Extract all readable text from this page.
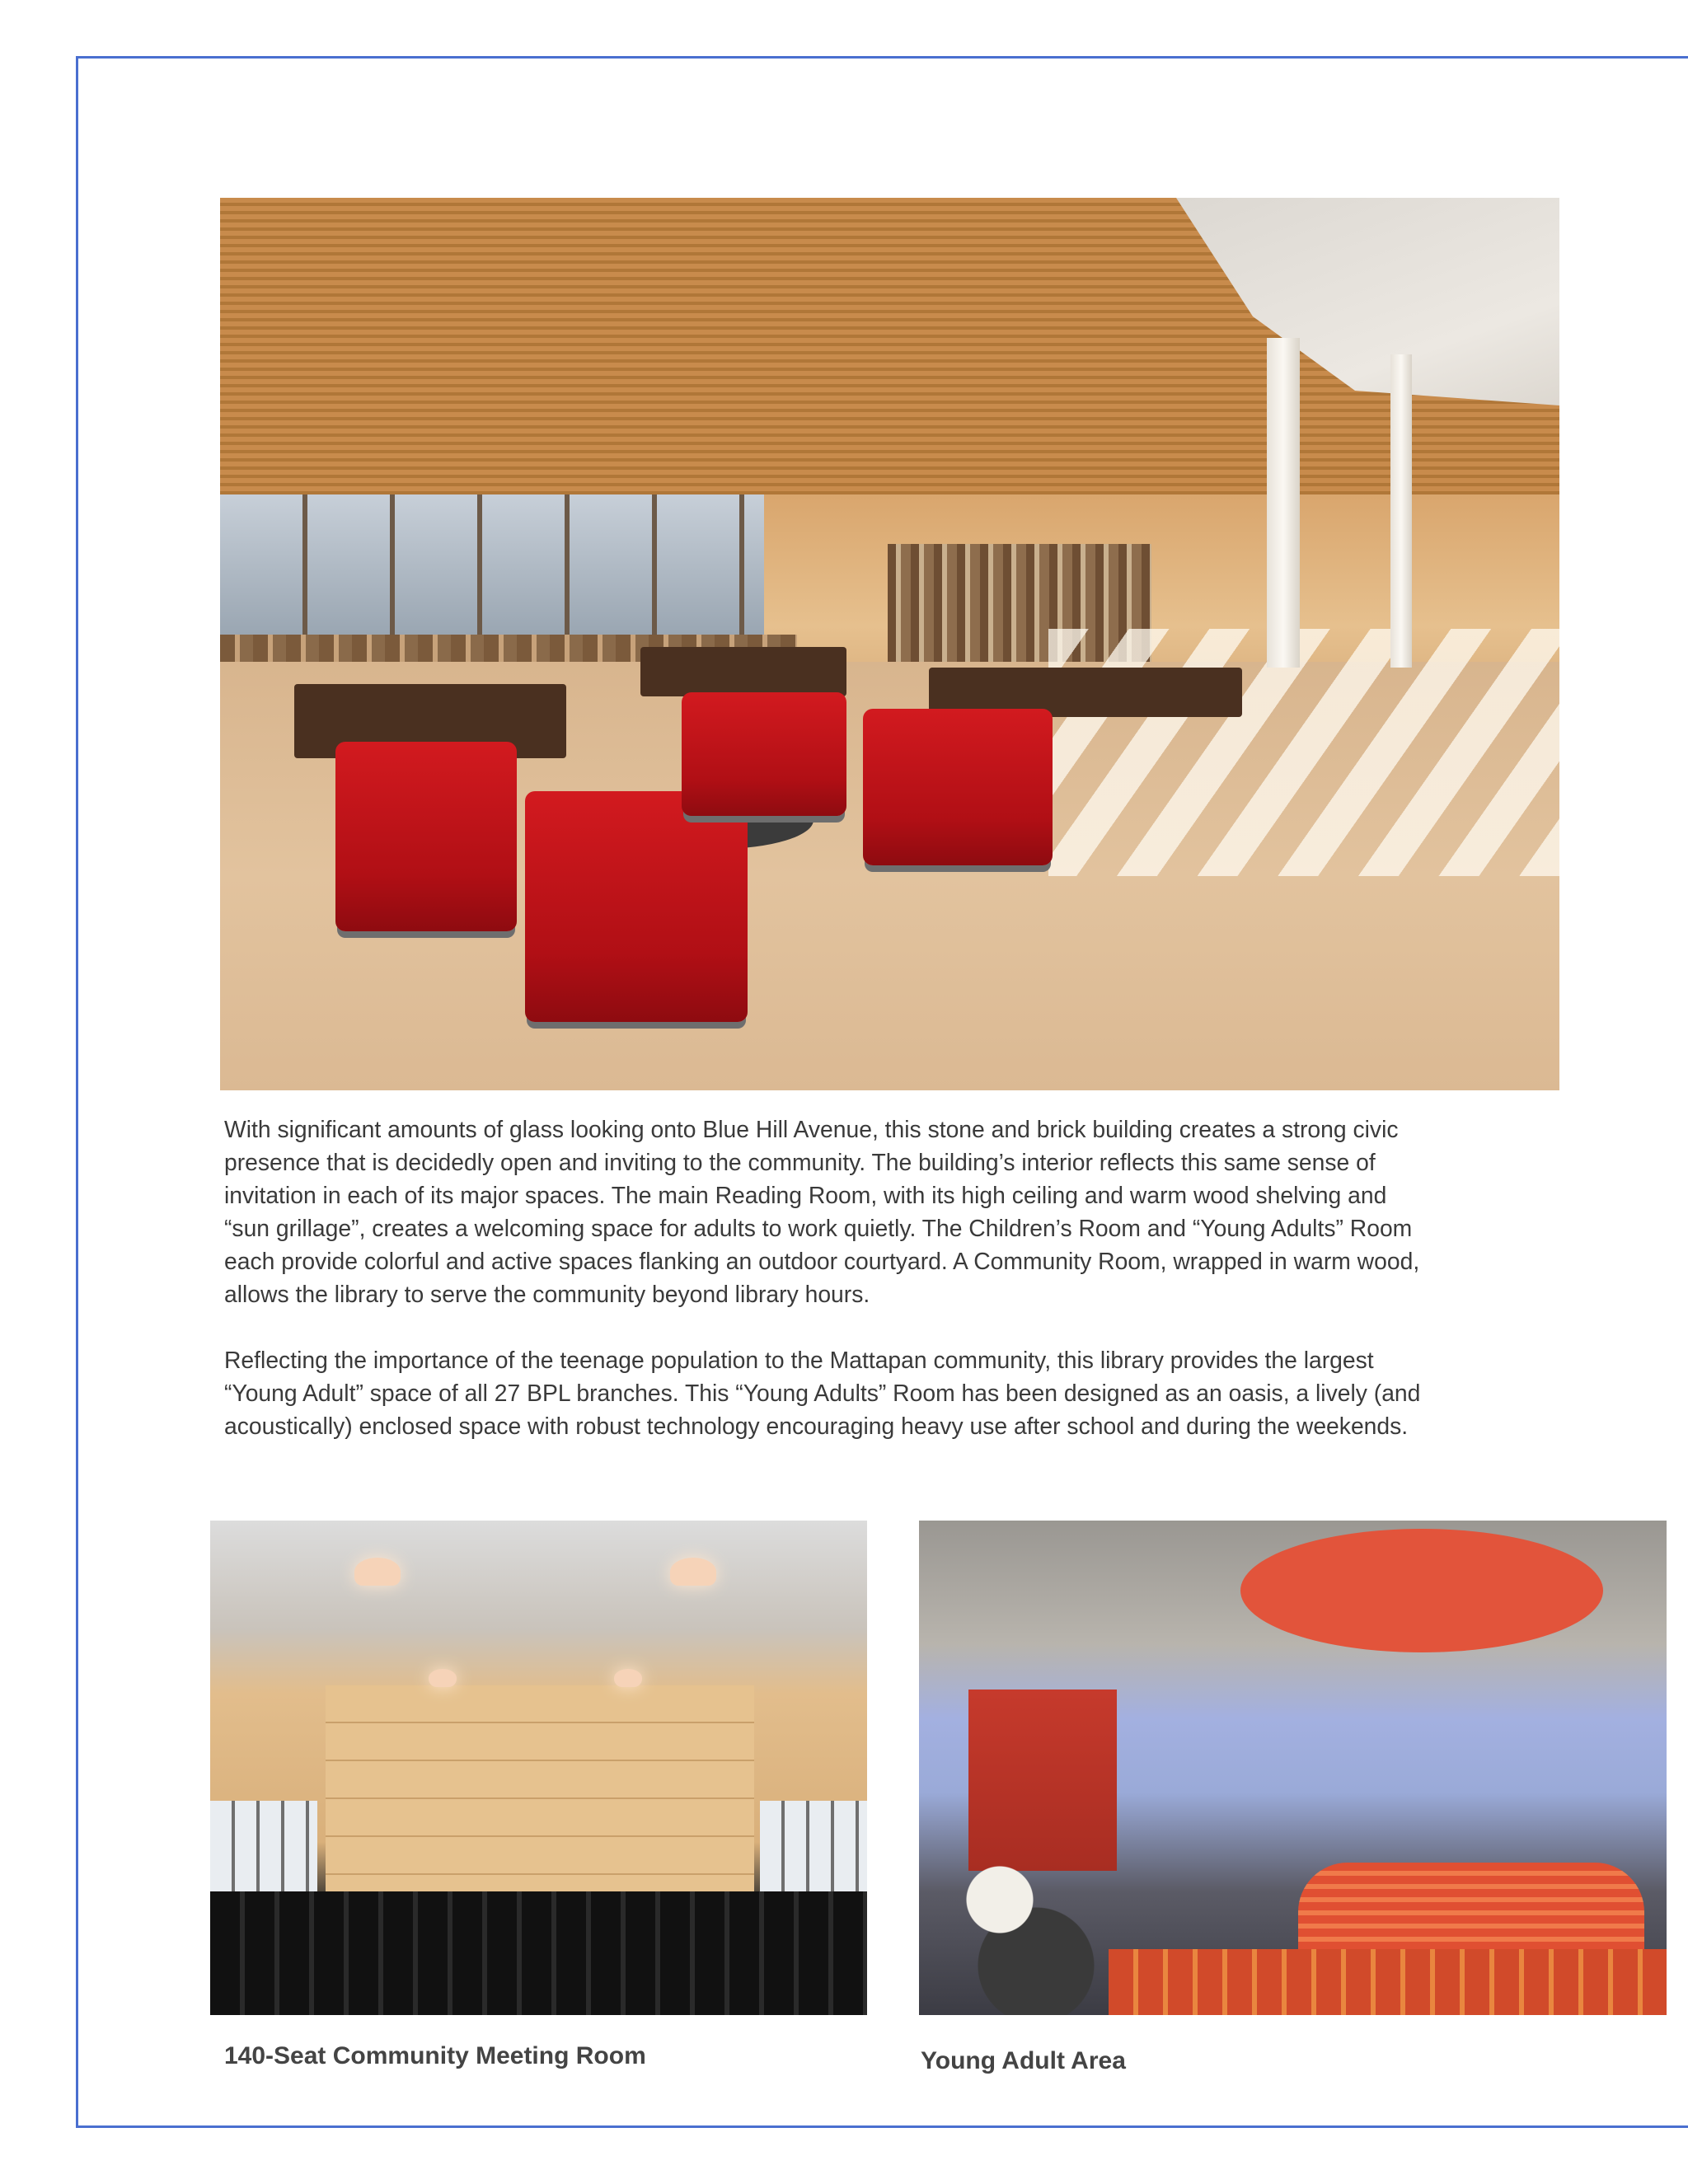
With significant amounts of glass looking onto Blue Hill Avenue, this stone and brick building creates a strong civic
presence that is decidedly open and inviting to the community. The building’s interior reflects this same sense of
invitation in each of its major spaces. The main Reading Room, with its high ceiling and warm wood shelving and
“sun grillage”, creates a welcoming space for adults to work quietly. The Children’s Room and “Young Adults” Room
each provide colorful and active spaces flanking an outdoor courtyard. A Community Room, wrapped in warm wood,
allows the library to serve the community beyond library hours.

Reflecting the importance of the teenage population to the Mattapan community, this library provides the largest
“Young Adult” space of all 27 BPL branches. This “Young Adults” Room has been designed as an oasis, a lively (and
acoustically) enclosed space with robust technology encouraging heavy use after school and during the weekends.

140-Seat Community Meeting Room	Young Adult Area
